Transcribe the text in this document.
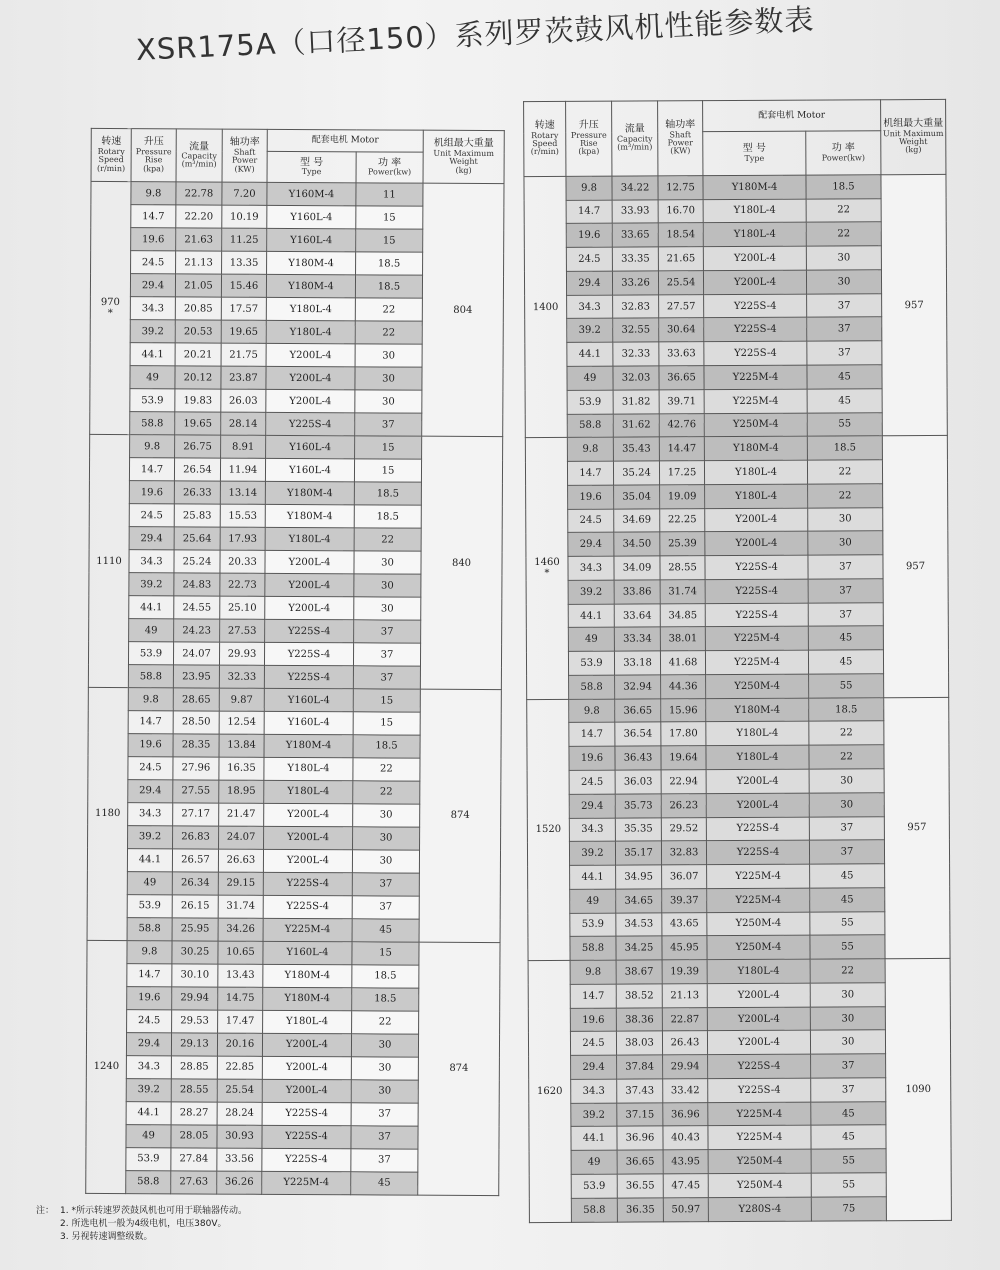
XSR175A（口径150）系列罗茨鼓风机性能参数表
转速
Rotary
Speed
(r/min)	升压
Pressure
Rise
(kpa)	流量
Capacity
(m³/min)	轴功率
Shaft
Power
(KW)	配套电机 Motor		机组最大重量
Unit Maximum
Weight
(kg)

				型 号
Type	功 率
Power(kw)	

970
*	9.8	22.78	7.20	Y160M-4	11	804
	14.7	22.20	10.19	Y160L-4	15	
	19.6	21.63	11.25	Y160L-4	15	
	24.5	21.13	13.35	Y180M-4	18.5	
	29.4	21.05	15.46	Y180M-4	18.5	
	34.3	20.85	17.57	Y180L-4	22	
	39.2	20.53	19.65	Y180L-4	22	
	44.1	20.21	21.75	Y200L-4	30	
	49	20.12	23.87	Y200L-4	30	
	53.9	19.83	26.03	Y200L-4	30	
	58.8	19.65	28.14	Y225S-4	37	

1110	9.8	26.75	8.91	Y160L-4	15	840
	14.7	26.54	11.94	Y160L-4	15	
	19.6	26.33	13.14	Y180M-4	18.5	
	24.5	25.83	15.53	Y180M-4	18.5	
	29.4	25.64	17.93	Y180L-4	22	
	34.3	25.24	20.33	Y200L-4	30	
	39.2	24.83	22.73	Y200L-4	30	
	44.1	24.55	25.10	Y200L-4	30	
	49	24.23	27.53	Y225S-4	37	
	53.9	24.07	29.93	Y225S-4	37	
	58.8	23.95	32.33	Y225S-4	37	

1180	9.8	28.65	9.87	Y160L-4	15	874
	14.7	28.50	12.54	Y160L-4	15	
	19.6	28.35	13.84	Y180M-4	18.5	
	24.5	27.96	16.35	Y180L-4	22	
	29.4	27.55	18.95	Y180L-4	22	
	34.3	27.17	21.47	Y200L-4	30	
	39.2	26.83	24.07	Y200L-4	30	
	44.1	26.57	26.63	Y200L-4	30	
	49	26.34	29.15	Y225S-4	37	
	53.9	26.15	31.74	Y225S-4	37	
	58.8	25.95	34.26	Y225M-4	45	

1240	9.8	30.25	10.65	Y160L-4	15	874
	14.7	30.10	13.43	Y180M-4	18.5	
	19.6	29.94	14.75	Y180M-4	18.5	
	24.5	29.53	17.47	Y180L-4	22	
	29.4	29.13	20.16	Y200L-4	30	
	34.3	28.85	22.85	Y200L-4	30	
	39.2	28.55	25.54	Y200L-4	30	
	44.1	28.27	28.24	Y225S-4	37	
	49	28.05	30.93	Y225S-4	37	
	53.9	27.84	33.56	Y225S-4	37	
	58.8	27.63	36.26	Y225M-4	45	
转速
Rotary
Speed
(r/min)	升压
Pressure
Rise
(kpa)	流量
Capacity
(m³/min)	轴功率
Shaft
Power
(KW)	配套电机 Motor		机组最大重量
Unit Maximum
Weight
(kg)

				型 号
Type	功 率
Power(kw)	

1400	9.8	34.22	12.75	Y180M-4	18.5	957
	14.7	33.93	16.70	Y180L-4	22	
	19.6	33.65	18.54	Y180L-4	22	
	24.5	33.35	21.65	Y200L-4	30	
	29.4	33.26	25.54	Y200L-4	30	
	34.3	32.83	27.57	Y225S-4	37	
	39.2	32.55	30.64	Y225S-4	37	
	44.1	32.33	33.63	Y225S-4	37	
	49	32.03	36.65	Y225M-4	45	
	53.9	31.82	39.71	Y225M-4	45	
	58.8	31.62	42.76	Y250M-4	55	

1460
*	9.8	35.43	14.47	Y180M-4	18.5	957
	14.7	35.24	17.25	Y180L-4	22	
	19.6	35.04	19.09	Y180L-4	22	
	24.5	34.69	22.25	Y200L-4	30	
	29.4	34.50	25.39	Y200L-4	30	
	34.3	34.09	28.55	Y225S-4	37	
	39.2	33.86	31.74	Y225S-4	37	
	44.1	33.64	34.85	Y225S-4	37	
	49	33.34	38.01	Y225M-4	45	
	53.9	33.18	41.68	Y225M-4	45	
	58.8	32.94	44.36	Y250M-4	55	

1520	9.8	36.65	15.96	Y180M-4	18.5	957
	14.7	36.54	17.80	Y180L-4	22	
	19.6	36.43	19.64	Y180L-4	22	
	24.5	36.03	22.94	Y200L-4	30	
	29.4	35.73	26.23	Y200L-4	30	
	34.3	35.35	29.52	Y225S-4	37	
	39.2	35.17	32.83	Y225S-4	37	
	44.1	34.95	36.07	Y225M-4	45	
	49	34.65	39.37	Y225M-4	45	
	53.9	34.53	43.65	Y250M-4	55	
	58.8	34.25	45.95	Y250M-4	55	

1620	9.8	38.67	19.39	Y180L-4	22	1090
	14.7	38.52	21.13	Y200L-4	30	
	19.6	38.36	22.87	Y200L-4	30	
	24.5	38.03	26.43	Y200L-4	30	
	29.4	37.84	29.94	Y225S-4	37	
	34.3	37.43	33.42	Y225S-4	37	
	39.2	37.15	36.96	Y225M-4	45	
	44.1	36.96	40.43	Y225M-4	45	
	49	36.65	43.95	Y250M-4	55	
	53.9	36.55	47.45	Y250M-4	55	
	58.8	36.35	50.97	Y280S-4	75	
注： 1. *所示转速罗茨鼓风机也可用于联轴器传动。
2. 所选电机一般为4级电机，电压380V。
3. 另视转速调整级数。
